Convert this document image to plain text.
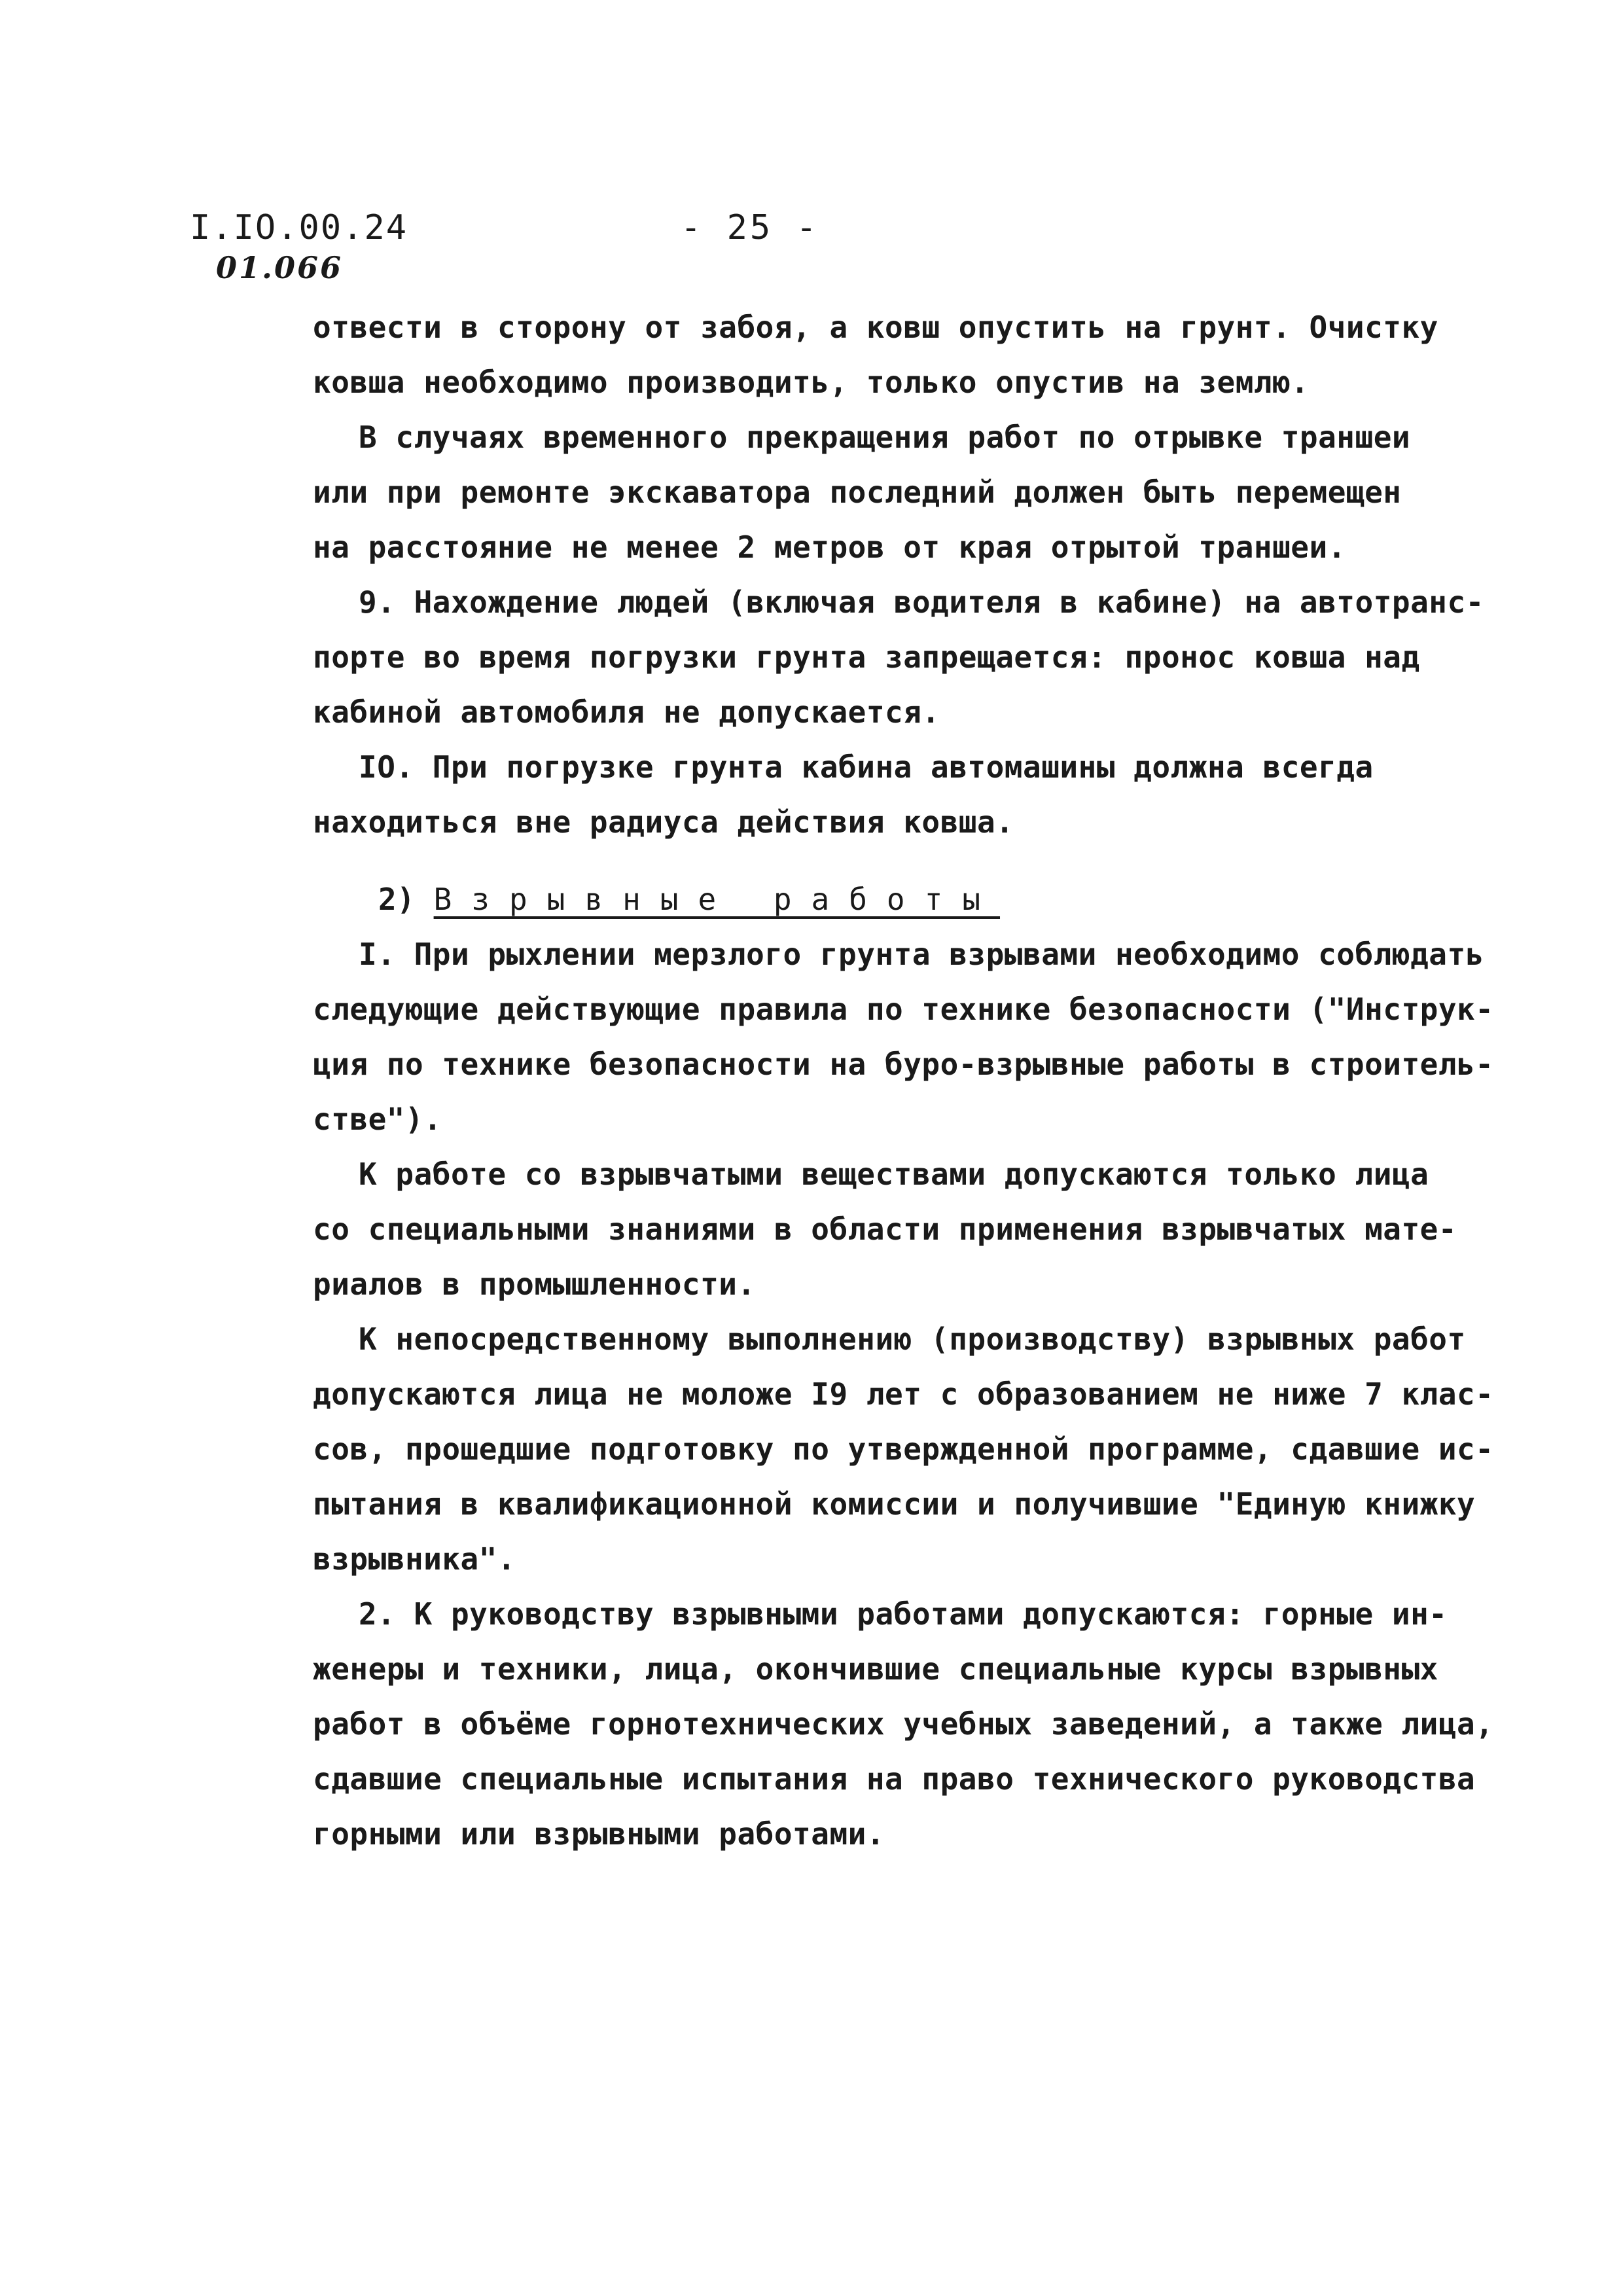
I.IO.00.24
01.066
- 25 -
отвести в сторону от забоя, а ковш опустить на грунт. Очистку
ковша необходимо производить, только опустив на землю.
В случаях временного прекращения работ по отрывке траншеи
или при ремонте экскаватора последний должен быть перемещен
на расстояние не менее 2 метров от края отрытой траншеи.
9. Нахождение людей (включая водителя в кабине) на автотранс-
порте во время погрузки грунта запрещается: пронос ковша над
кабиной автомобиля не допускается.
IO. При погрузке грунта кабина автомашины должна всегда
находиться вне радиуса действия ковша.
2) Взрывные работы
I. При рыхлении мерзлого грунта взрывами необходимо соблюдать
следующие действующие правила по технике безопасности ("Инструк-
ция по технике безопасности на буро-взрывные работы в строитель-
стве").
К работе со взрывчатыми веществами допускаются только лица
со специальными знаниями в области применения взрывчатых мате-
риалов в промышленности.
К непосредственному выполнению (производству) взрывных работ
допускаются лица не моложе I9 лет с образованием не ниже 7 клас-
сов, прошедшие подготовку по утвержденной программе, сдавшие ис-
пытания в квалификационной комиссии и получившие "Единую книжку
взрывника".
2. К руководству взрывными работами допускаются: горные ин-
женеры и техники, лица, окончившие специальные курсы взрывных
работ в объёме горнотехнических учебных заведений, а также лица,
сдавшие специальные испытания на право технического руководства
горными или взрывными работами.
